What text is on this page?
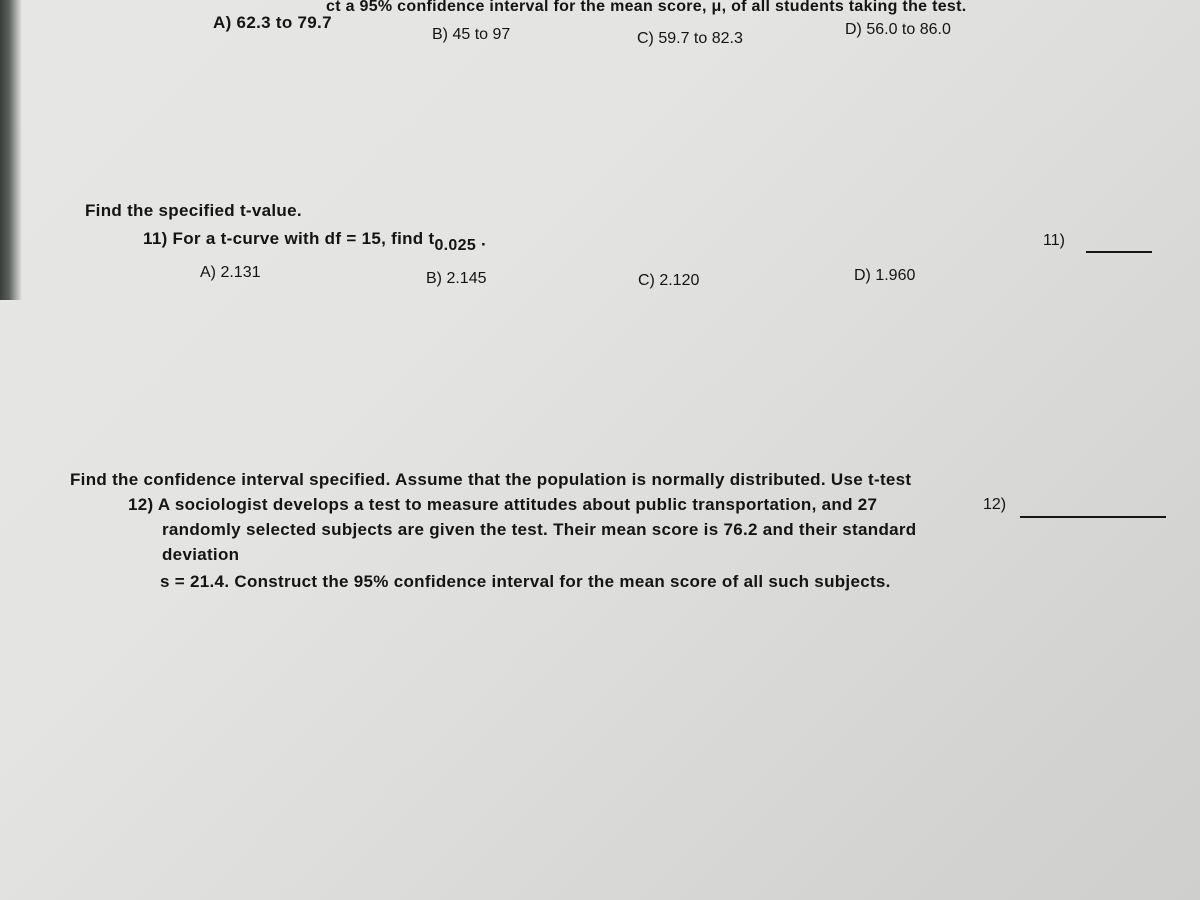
ct a 95% confidence interval for the mean score, μ, of all students taking the test.
A) 62.3 to 79.7
B) 45 to 97	C) 59.7 to 82.3
D) 56.0 to 86.0
Find the specified t-value.
11) For a t-curve with df = 15, find t0.025 ·
A) 2.131	B) 2.145	C) 2.120	D) 1.960
11)
Find the confidence interval specified. Assume that the population is normally distributed. Use t-test
12) A sociologist develops a test to measure attitudes about public transportation, and 27
randomly selected subjects are given the test. Their mean score is 76.2 and their standard
deviation
s = 21.4. Construct the 95% confidence interval for the mean score of all such subjects.
12)
